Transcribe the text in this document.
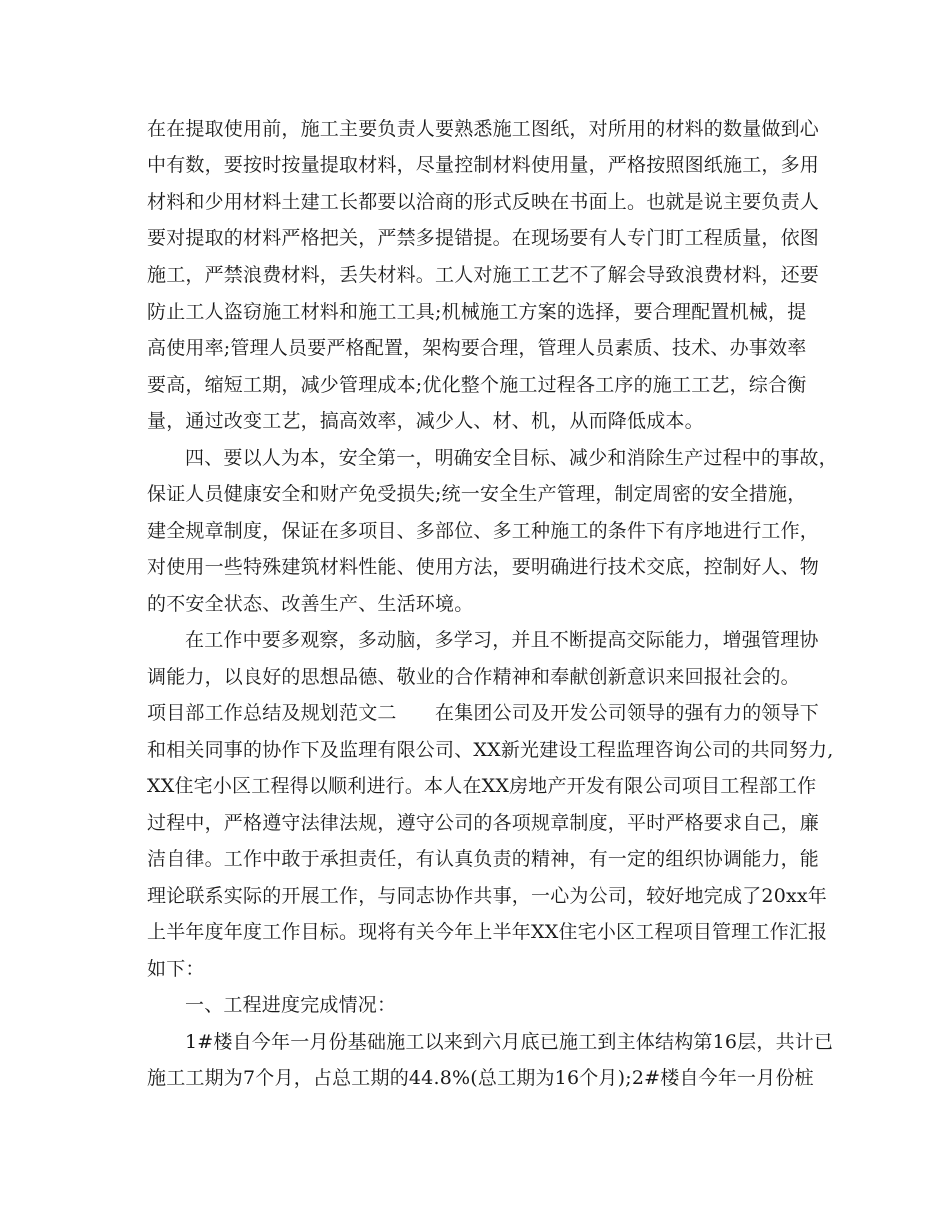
在在提取使用前，施工主要负责人要熟悉施工图纸，对所用的材料的数量做到心
中有数，要按时按量提取材料，尽量控制材料使用量，严格按照图纸施工，多用
材料和少用材料土建工长都要以洽商的形式反映在书面上。也就是说主要负责人
要对提取的材料严格把关，严禁多提错提。在现场要有人专门盯工程质量，依图
施工，严禁浪费材料，丢失材料。工人对施工工艺不了解会导致浪费材料，还要
防止工人盗窃施工材料和施工工具;机械施工方案的选择，要合理配置机械，提
高使用率;管理人员要严格配置，架构要合理，管理人员素质、技术、办事效率
要高，缩短工期，减少管理成本;优化整个施工过程各工序的施工工艺，综合衡
量，通过改变工艺，搞高效率，减少人、材、机，从而降低成本。
四、要以人为本，安全第一，明确安全目标、减少和消除生产过程中的事故，
保证人员健康安全和财产免受损失;统一安全生产管理，制定周密的安全措施，
建全规章制度，保证在多项目、多部位、多工种施工的条件下有序地进行工作，
对使用一些特殊建筑材料性能、使用方法，要明确进行技术交底，控制好人、物
的不安全状态、改善生产、生活环境。
在工作中要多观察，多动脑，多学习，并且不断提高交际能力，增强管理协
调能力，以良好的思想品德、敬业的合作精神和奉献创新意识来回报社会的。
项目部工作总结及规划范文二　　在集团公司及开发公司领导的强有力的领导下
和相关同事的协作下及监理有限公司、XX新光建设工程监理咨询公司的共同努力,
XX住宅小区工程得以顺利进行。本人在XX房地产开发有限公司项目工程部工作
过程中，严格遵守法律法规，遵守公司的各项规章制度，平时严格要求自己，廉
洁自律。工作中敢于承担责任，有认真负责的精神，有一定的组织协调能力，能
理论联系实际的开展工作，与同志协作共事，一心为公司，较好地完成了20xx年
上半年度年度工作目标。现将有关今年上半年XX住宅小区工程项目管理工作汇报
如下：
一、工程进度完成情况：
1#楼自今年一月份基础施工以来到六月底已施工到主体结构第16层，共计已
施工工期为7个月，占总工期的44.8%(总工期为16个月);2#楼自今年一月份桩
